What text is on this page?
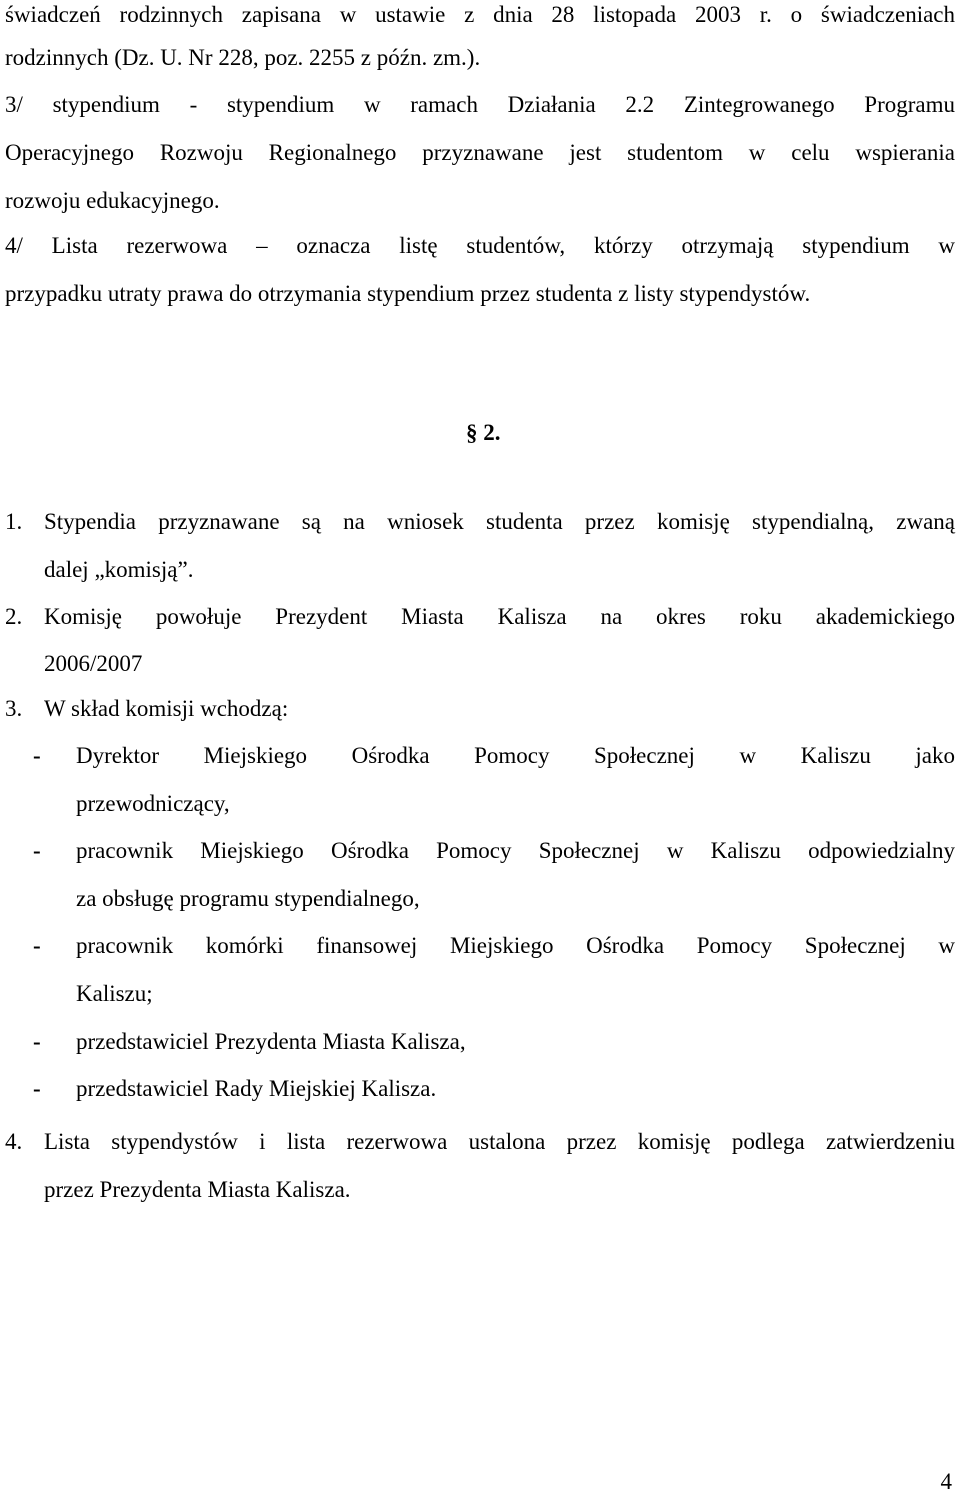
świadczeń rodzinnych zapisana w ustawie z dnia 28 listopada 2003 r. o świadczeniach
rodzinnych (Dz. U. Nr 228, poz. 2255 z późn. zm.).
3/ stypendium - stypendium w ramach Działania 2.2 Zintegrowanego Programu
Operacyjnego Rozwoju Regionalnego przyznawane jest studentom w celu wspierania
rozwoju edukacyjnego.
4/ Lista rezerwowa – oznacza listę studentów, którzy otrzymają stypendium w
przypadku utraty prawa do otrzymania stypendium przez studenta z listy stypendystów.
§ 2.
1. Stypendia przyznawane są na wniosek studenta przez komisję stypendialną, zwaną
dalej „komisją”.
2. Komisję powołuje Prezydent Miasta Kalisza na okres roku akademickiego
2006/2007
3. W skład komisji wchodzą:
- Dyrektor Miejskiego Ośrodka Pomocy Społecznej w Kaliszu jako
przewodniczący,
- pracownik Miejskiego Ośrodka Pomocy Społecznej w Kaliszu odpowiedzialny
za obsługę programu stypendialnego,
- pracownik komórki finansowej Miejskiego Ośrodka Pomocy Społecznej w
Kaliszu;
- przedstawiciel Prezydenta Miasta Kalisza,
- przedstawiciel Rady Miejskiej Kalisza.
4. Lista stypendystów i lista rezerwowa ustalona przez komisję podlega zatwierdzeniu
przez Prezydenta Miasta Kalisza.
4
